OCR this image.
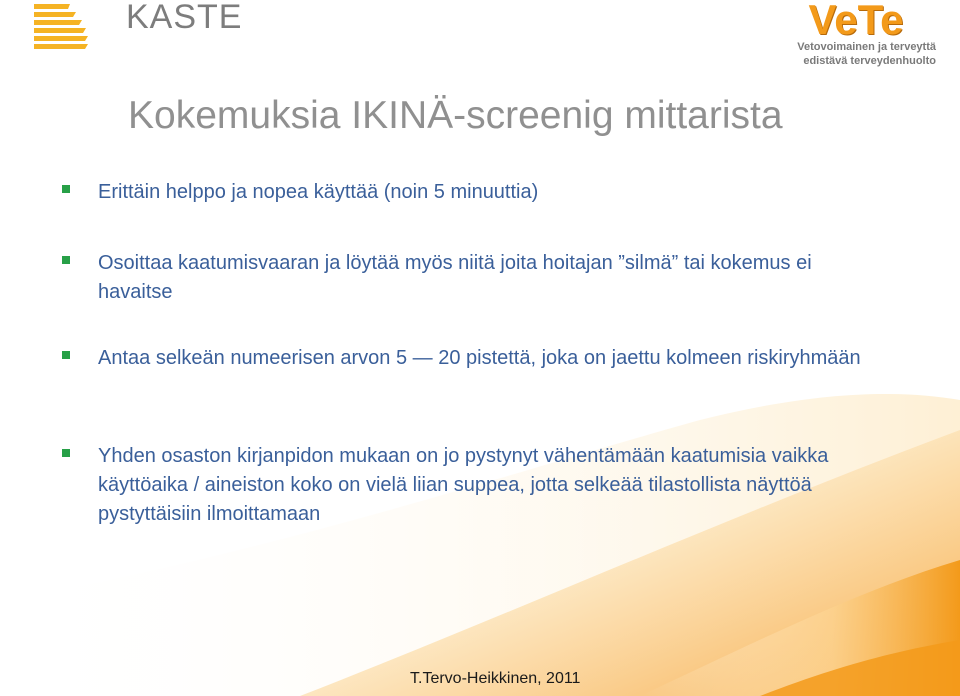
KASTE	VeTe
Vetovoimainen ja terveyttä
edistävä terveydenhuolto
Kokemuksia IKINÄ-screenig mittarista
Erittäin helppo ja nopea käyttää (noin 5 minuuttia)
Osoittaa kaatumisvaaran ja löytää myös niitä joita hoitajan ”silmä” tai kokemus ei havaitse
Antaa selkeän numeerisen arvon 5 — 20 pistettä, joka on jaettu kolmeen riskiryhmään
Yhden osaston kirjanpidon mukaan on jo pystynyt vähentämään kaatumisia vaikka käyttöaika / aineiston koko on vielä liian suppea, jotta selkeää tilastollista näyttöä pystyttäisiin ilmoittamaan
T.Tervo-Heikkinen, 2011
